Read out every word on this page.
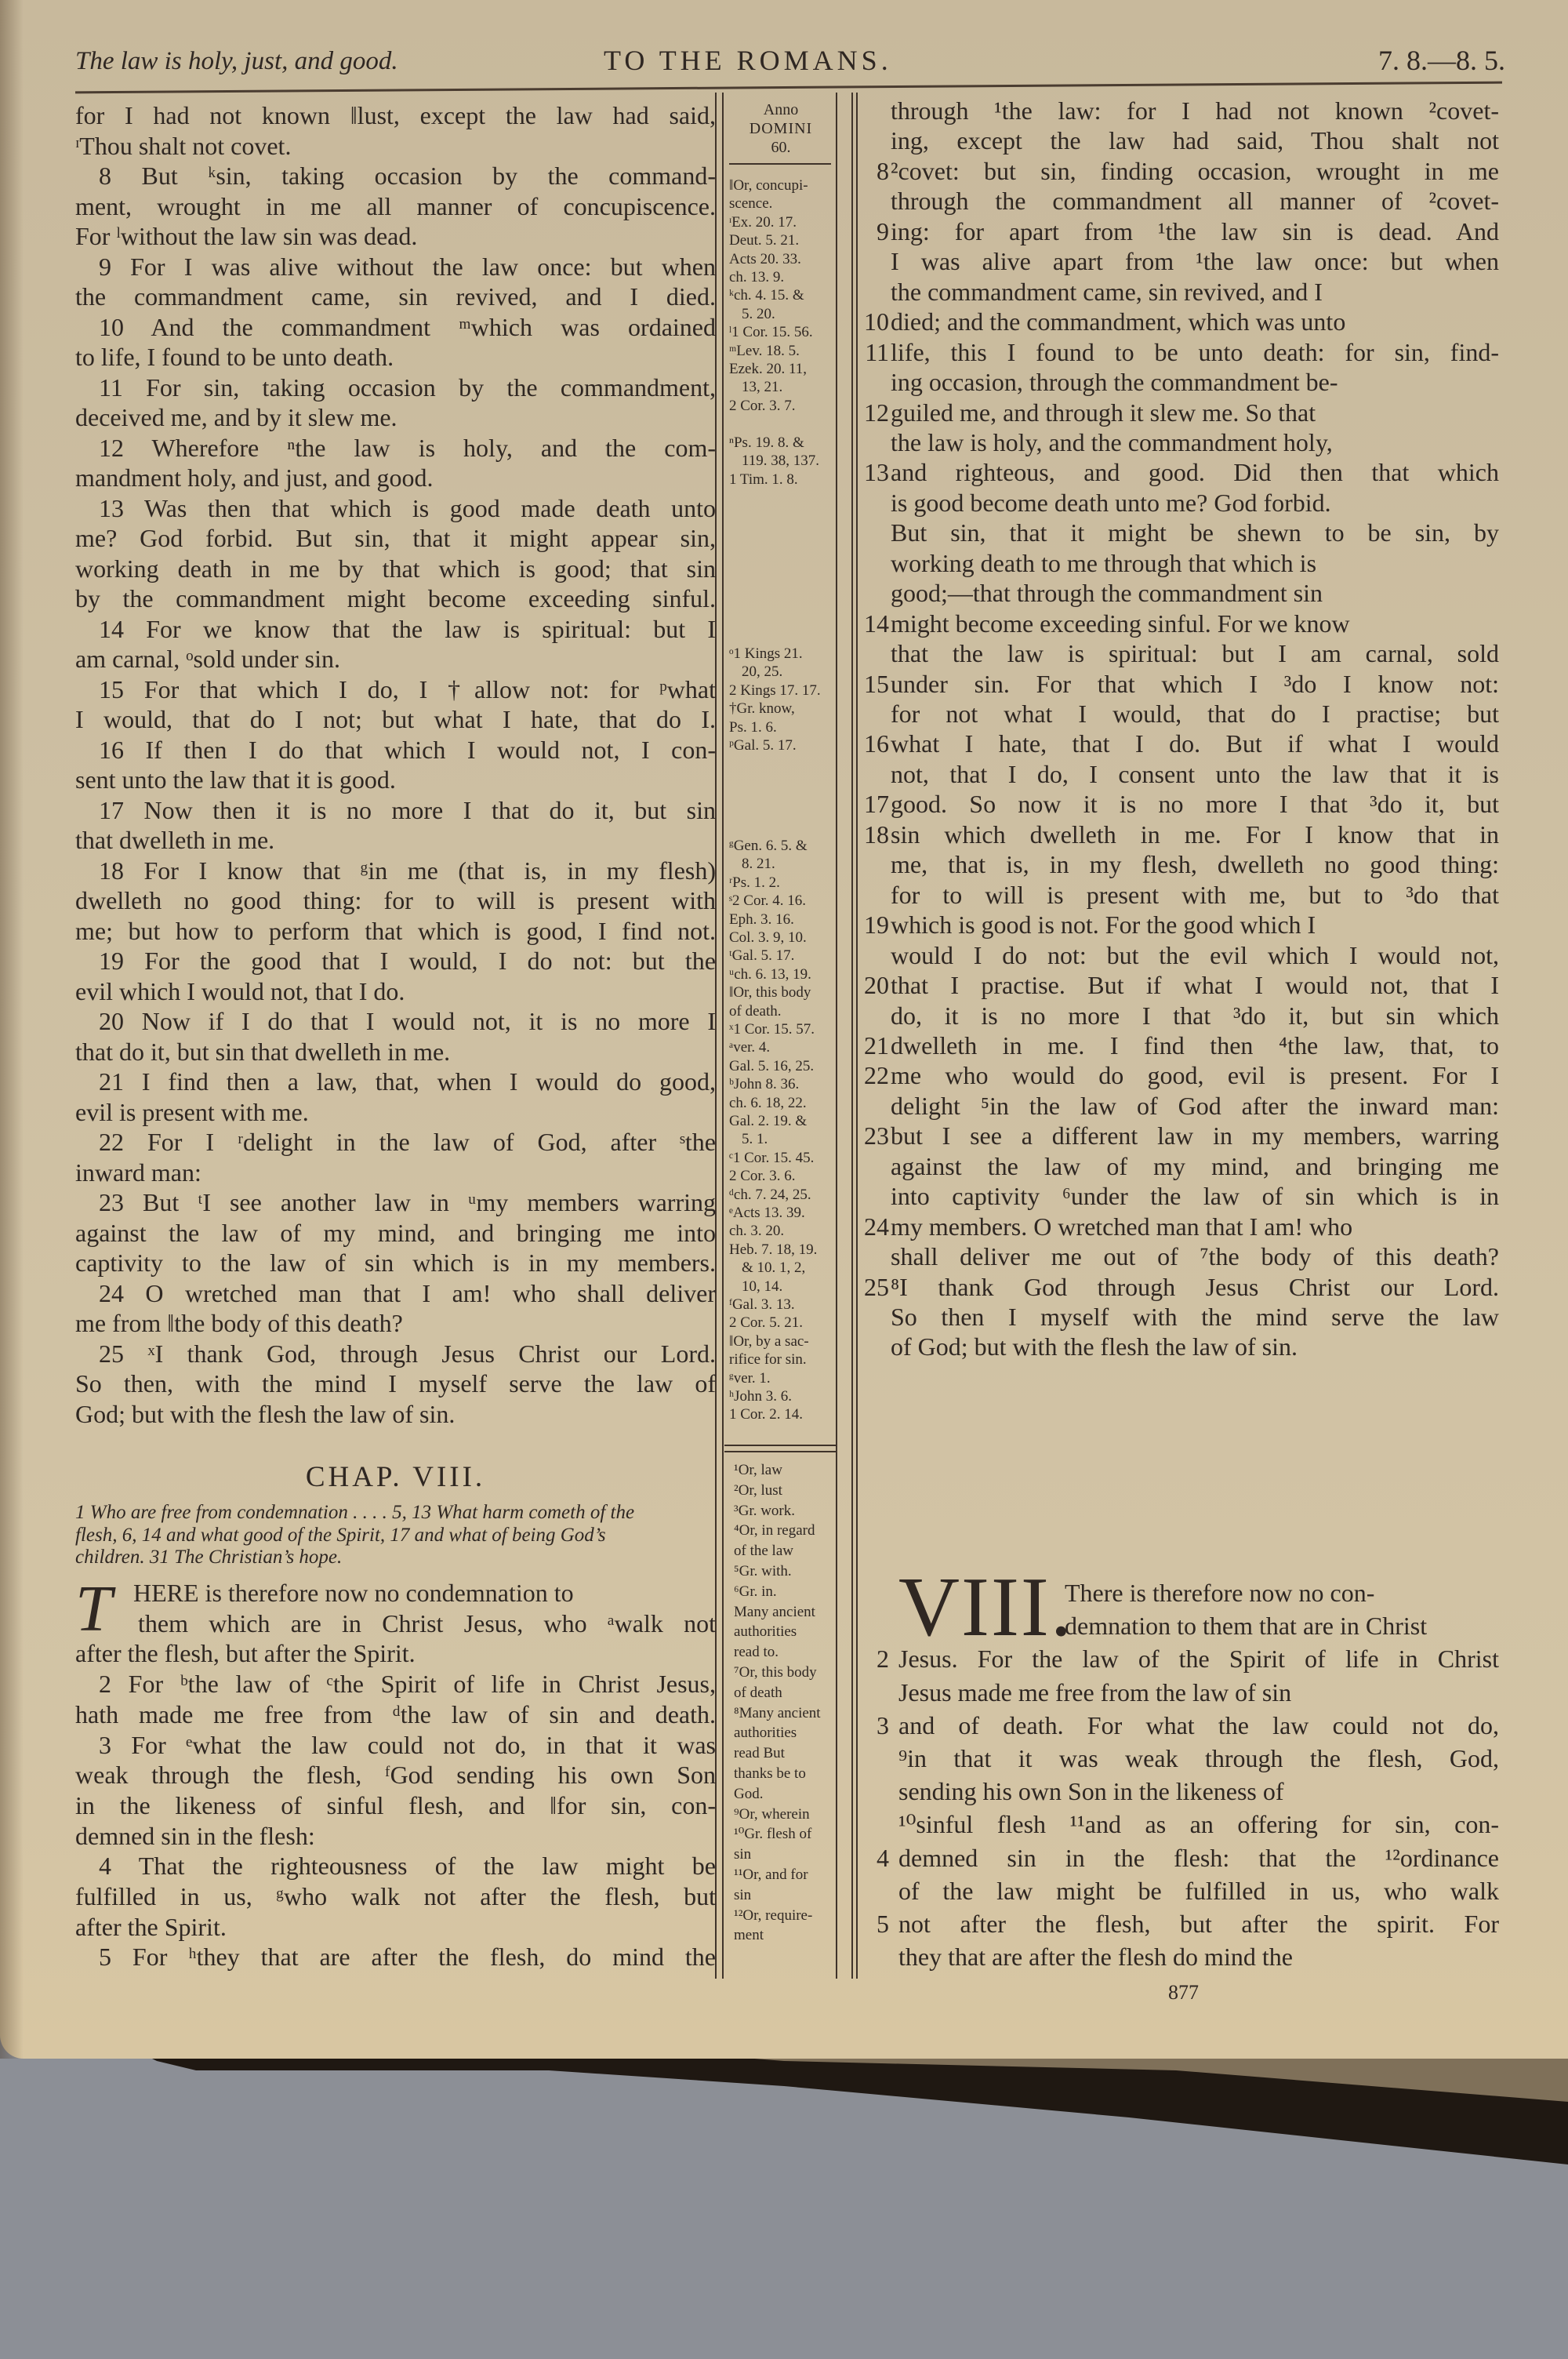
The law is holy, just, and good.	TO THE ROMANS.	7. 8.—8. 5.
Anno
DOMINI
60.
CHAP. VIII.
T	VIII.
877
for I had not known ‖lust, except the law had said,
ᶦThou shalt not covet.
8 But ᵏsin, taking occasion by the command-
ment, wrought in me all manner of concupiscence.
For ˡwithout the law sin was dead.
9 For I was alive without the law once: but when
the commandment came, sin revived, and I died.
10 And the commandment ᵐwhich was ordained
to life, I found to be unto death.
11 For sin, taking occasion by the commandment,
deceived me, and by it slew me.
12 Wherefore ⁿthe law is holy, and the com-
mandment holy, and just, and good.
13 Was then that which is good made death unto
me? God forbid. But sin, that it might appear sin,
working death in me by that which is good; that sin
by the commandment might become exceeding sinful.
14 For we know that the law is spiritual: but I
am carnal, ᵒsold under sin.
15 For that which I do, I †allow not: for ᵖwhat
I would, that do I not; but what I hate, that do I.
16 If then I do that which I would not, I con-
sent unto the law that it is good.
17 Now then it is no more I that do it, but sin
that dwelleth in me.
18 For I know that ᵍin me (that is, in my flesh)
dwelleth no good thing: for to will is present with
me; but how to perform that which is good, I find not.
19 For the good that I would, I do not: but the
evil which I would not, that I do.
20 Now if I do that I would not, it is no more I
that do it, but sin that dwelleth in me.
21 I find then a law, that, when I would do good,
evil is present with me.
22 For I ʳdelight in the law of God, after ˢthe
inward man:
23 But ᵗI see another law in ᵘmy members warring
against the law of my mind, and bringing me into
captivity to the law of sin which is in my members.
24 O wretched man that I am! who shall deliver
me from ‖the body of this death?
25 ˣI thank God, through Jesus Christ our Lord.
So then, with the mind I myself serve the law of
God; but with the flesh the law of sin.
1 Who are free from condemnation . . . . 5, 13 What harm cometh of the
flesh, 6, 14 and what good of the Spirit, 17 and what of being God’s
children. 31 The Christian’s hope.
HERE is therefore now no condemnation to
them which are in Christ Jesus, who ᵃwalk not
after the flesh, but after the Spirit.
2 For ᵇthe law of ᶜthe Spirit of life in Christ Jesus,
hath made me free from ᵈthe law of sin and death.
3 For ᵉwhat the law could not do, in that it was
weak through the flesh, ᶠGod sending his own Son
in the likeness of sinful flesh, and ‖for sin, con-
demned sin in the flesh:
4 That the righteousness of the law might be
fulfilled in us, ᵍwho walk not after the flesh, but
after the Spirit.
5 For ʰthey that are after the flesh, do mind the
‖Or, concupi-
scence.
ᶦEx. 20. 17.
Deut. 5. 21.
Acts 20. 33.
ch. 13. 9.
ᵏch. 4. 15. &
5. 20.
ˡ1 Cor. 15. 56.
ᵐLev. 18. 5.
Ezek. 20. 11,
13, 21.
2 Cor. 3. 7.
ⁿPs. 19. 8. &
119. 38, 137.
1 Tim. 1. 8.
ᵒ1 Kings 21.
20, 25.
2 Kings 17. 17.
†Gr. know,
Ps. 1. 6.
ᵖGal. 5. 17.
ᵍGen. 6. 5. &
8. 21.
ʳPs. 1. 2.
ˢ2 Cor. 4. 16.
Eph. 3. 16.
Col. 3. 9, 10.
ᵗGal. 5. 17.
ᵘch. 6. 13, 19.
‖Or, this body
of death.
ˣ1 Cor. 15. 57.
ᵃver. 4.
Gal. 5. 16, 25.
ᵇJohn 8. 36.
ch. 6. 18, 22.
Gal. 2. 19. &
5. 1.
ᶜ1 Cor. 15. 45.
2 Cor. 3. 6.
ᵈch. 7. 24, 25.
ᵉActs 13. 39.
ch. 3. 20.
Heb. 7. 18, 19.
& 10. 1, 2,
10, 14.
ᶠGal. 3. 13.
2 Cor. 5. 21.
‖Or, by a sac-
rifice for sin.
ᵍver. 1.
ʰJohn 3. 6.
1 Cor. 2. 14.
¹Or, law
²Or, lust
³Gr. work.
⁴Or, in regard
of the law
⁵Gr. with.
⁶Gr. in.
Many ancient
authorities
read to.
⁷Or, this body
of death
⁸Many ancient
authorities
read But
thanks be to
God.
⁹Or, wherein
¹⁰Gr. flesh of
sin
¹¹Or, and for
sin
¹²Or, require-
ment
through ¹the law: for I had not known ²covet-
ing, except the law had said, Thou shalt not
8 ²covet: but sin, finding occasion, wrought in me
through the commandment all manner of ²covet-
9 ing: for apart from ¹the law sin is dead. And
I was alive apart from ¹the law once: but when
the commandment came, sin revived, and I
10 died; and the commandment, which was unto
11 life, this I found to be unto death: for sin, find-
ing occasion, through the commandment be-
12 guiled me, and through it slew me. So that
the law is holy, and the commandment holy,
13 and righteous, and good. Did then that which
is good become death unto me? God forbid.
But sin, that it might be shewn to be sin, by
working death to me through that which is
good;—that through the commandment sin
14 might become exceeding sinful. For we know
that the law is spiritual: but I am carnal, sold
15 under sin. For that which I ³do I know not:
for not what I would, that do I practise; but
16 what I hate, that I do. But if what I would
not, that I do, I consent unto the law that it is
17 good. So now it is no more I that ³do it, but
18 sin which dwelleth in me. For I know that in
me, that is, in my flesh, dwelleth no good thing:
for to will is present with me, but to ³do that
19 which is good is not. For the good which I
would I do not: but the evil which I would not,
20 that I practise. But if what I would not, that I
do, it is no more I that ³do it, but sin which
21 dwelleth in me. I find then ⁴the law, that, to
22 me who would do good, evil is present. For I
delight ⁵in the law of God after the inward man:
23 but I see a different law in my members, warring
against the law of my mind, and bringing me
into captivity ⁶under the law of sin which is in
24 my members. O wretched man that I am! who
shall deliver me out of ⁷the body of this death?
25 ⁸I thank God through Jesus Christ our Lord.
So then I myself with the mind serve the law
of God; but with the flesh the law of sin.
There is therefore now no con-
demnation to them that are in Christ
2 Jesus. For the law of the Spirit of life in Christ
Jesus made me free from the law of sin
3 and of death. For what the law could not do,
⁹in that it was weak through the flesh, God,
sending his own Son in the likeness of
¹⁰sinful flesh ¹¹and as an offering for sin, con-
4 demned sin in the flesh: that the ¹²ordinance
of the law might be fulfilled in us, who walk
5 not after the flesh, but after the spirit. For
they that are after the flesh do mind the
